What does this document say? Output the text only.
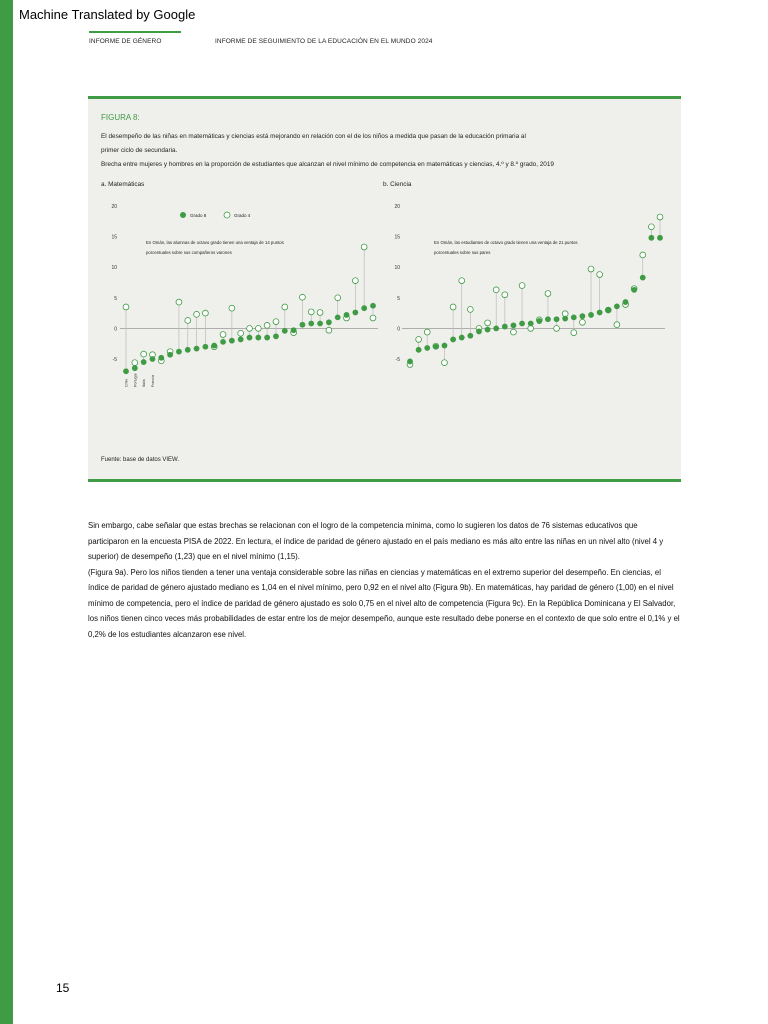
Machine Translated by Google
INFORME DE GÉNERO	INFORME DE SEGUIMIENTO DE LA EDUCACIÓN EN EL MUNDO 2024
FIGURA 8:
El desempeño de las niñas en matemáticas y ciencias está mejorando en relación con el de los niños a medida que pasan de la educación primaria al
primer ciclo de secundaria.
Brecha entre mujeres y hombres en la proporción de estudiantes que alcanzan el nivel mínimo de competencia en matemáticas y ciencias, 4.º y 8.º grado, 2019
a. Matemáticas	b. Ciencia
20
15
10
5
0
-5
En Omán, las alumnas de octavo grado tienen una ventaja de 14 puntos
porcentuales sobre sus compañeros varones
Grado 8	Grado 4
Chile Portugal Italia Francia
20
15
10
5
0
-5
En Omán, las estudiantes de octavo grado tienen una ventaja de 21 puntos
porcentuales sobre sus pares
Fuente: base de datos VIEW.

Sin embargo, cabe señalar que estas brechas se relacionan con el logro de la competencia mínima, como lo sugieren los datos de 76 sistemas educativos que participaron en la encuesta PISA de 2022. En lectura, el índice de paridad de género ajustado en el país mediano es más alto entre las niñas en un nivel alto (nivel 4 y superior) de desempeño (1,23) que en el nivel mínimo (1,15).

(Figura 9a). Pero los niños tienden a tener una ventaja considerable sobre las niñas en ciencias y matemáticas en el extremo superior del desempeño. En ciencias, el índice de paridad de género ajustado mediano es 1,04 en el nivel mínimo, pero 0,92 en el nivel alto (Figura 9b). En matemáticas, hay paridad de género (1,00) en el nivel mínimo de competencia, pero el índice de paridad de género ajustado es solo 0,75 en el nivel alto de competencia (Figura 9c). En la República Dominicana y El Salvador, los niños tienen cinco veces más probabilidades de estar entre los de mejor desempeño, aunque este resultado debe ponerse en el contexto de que solo entre el 0,1% y el 0,2% de los estudiantes alcanzaron ese nivel.

15
